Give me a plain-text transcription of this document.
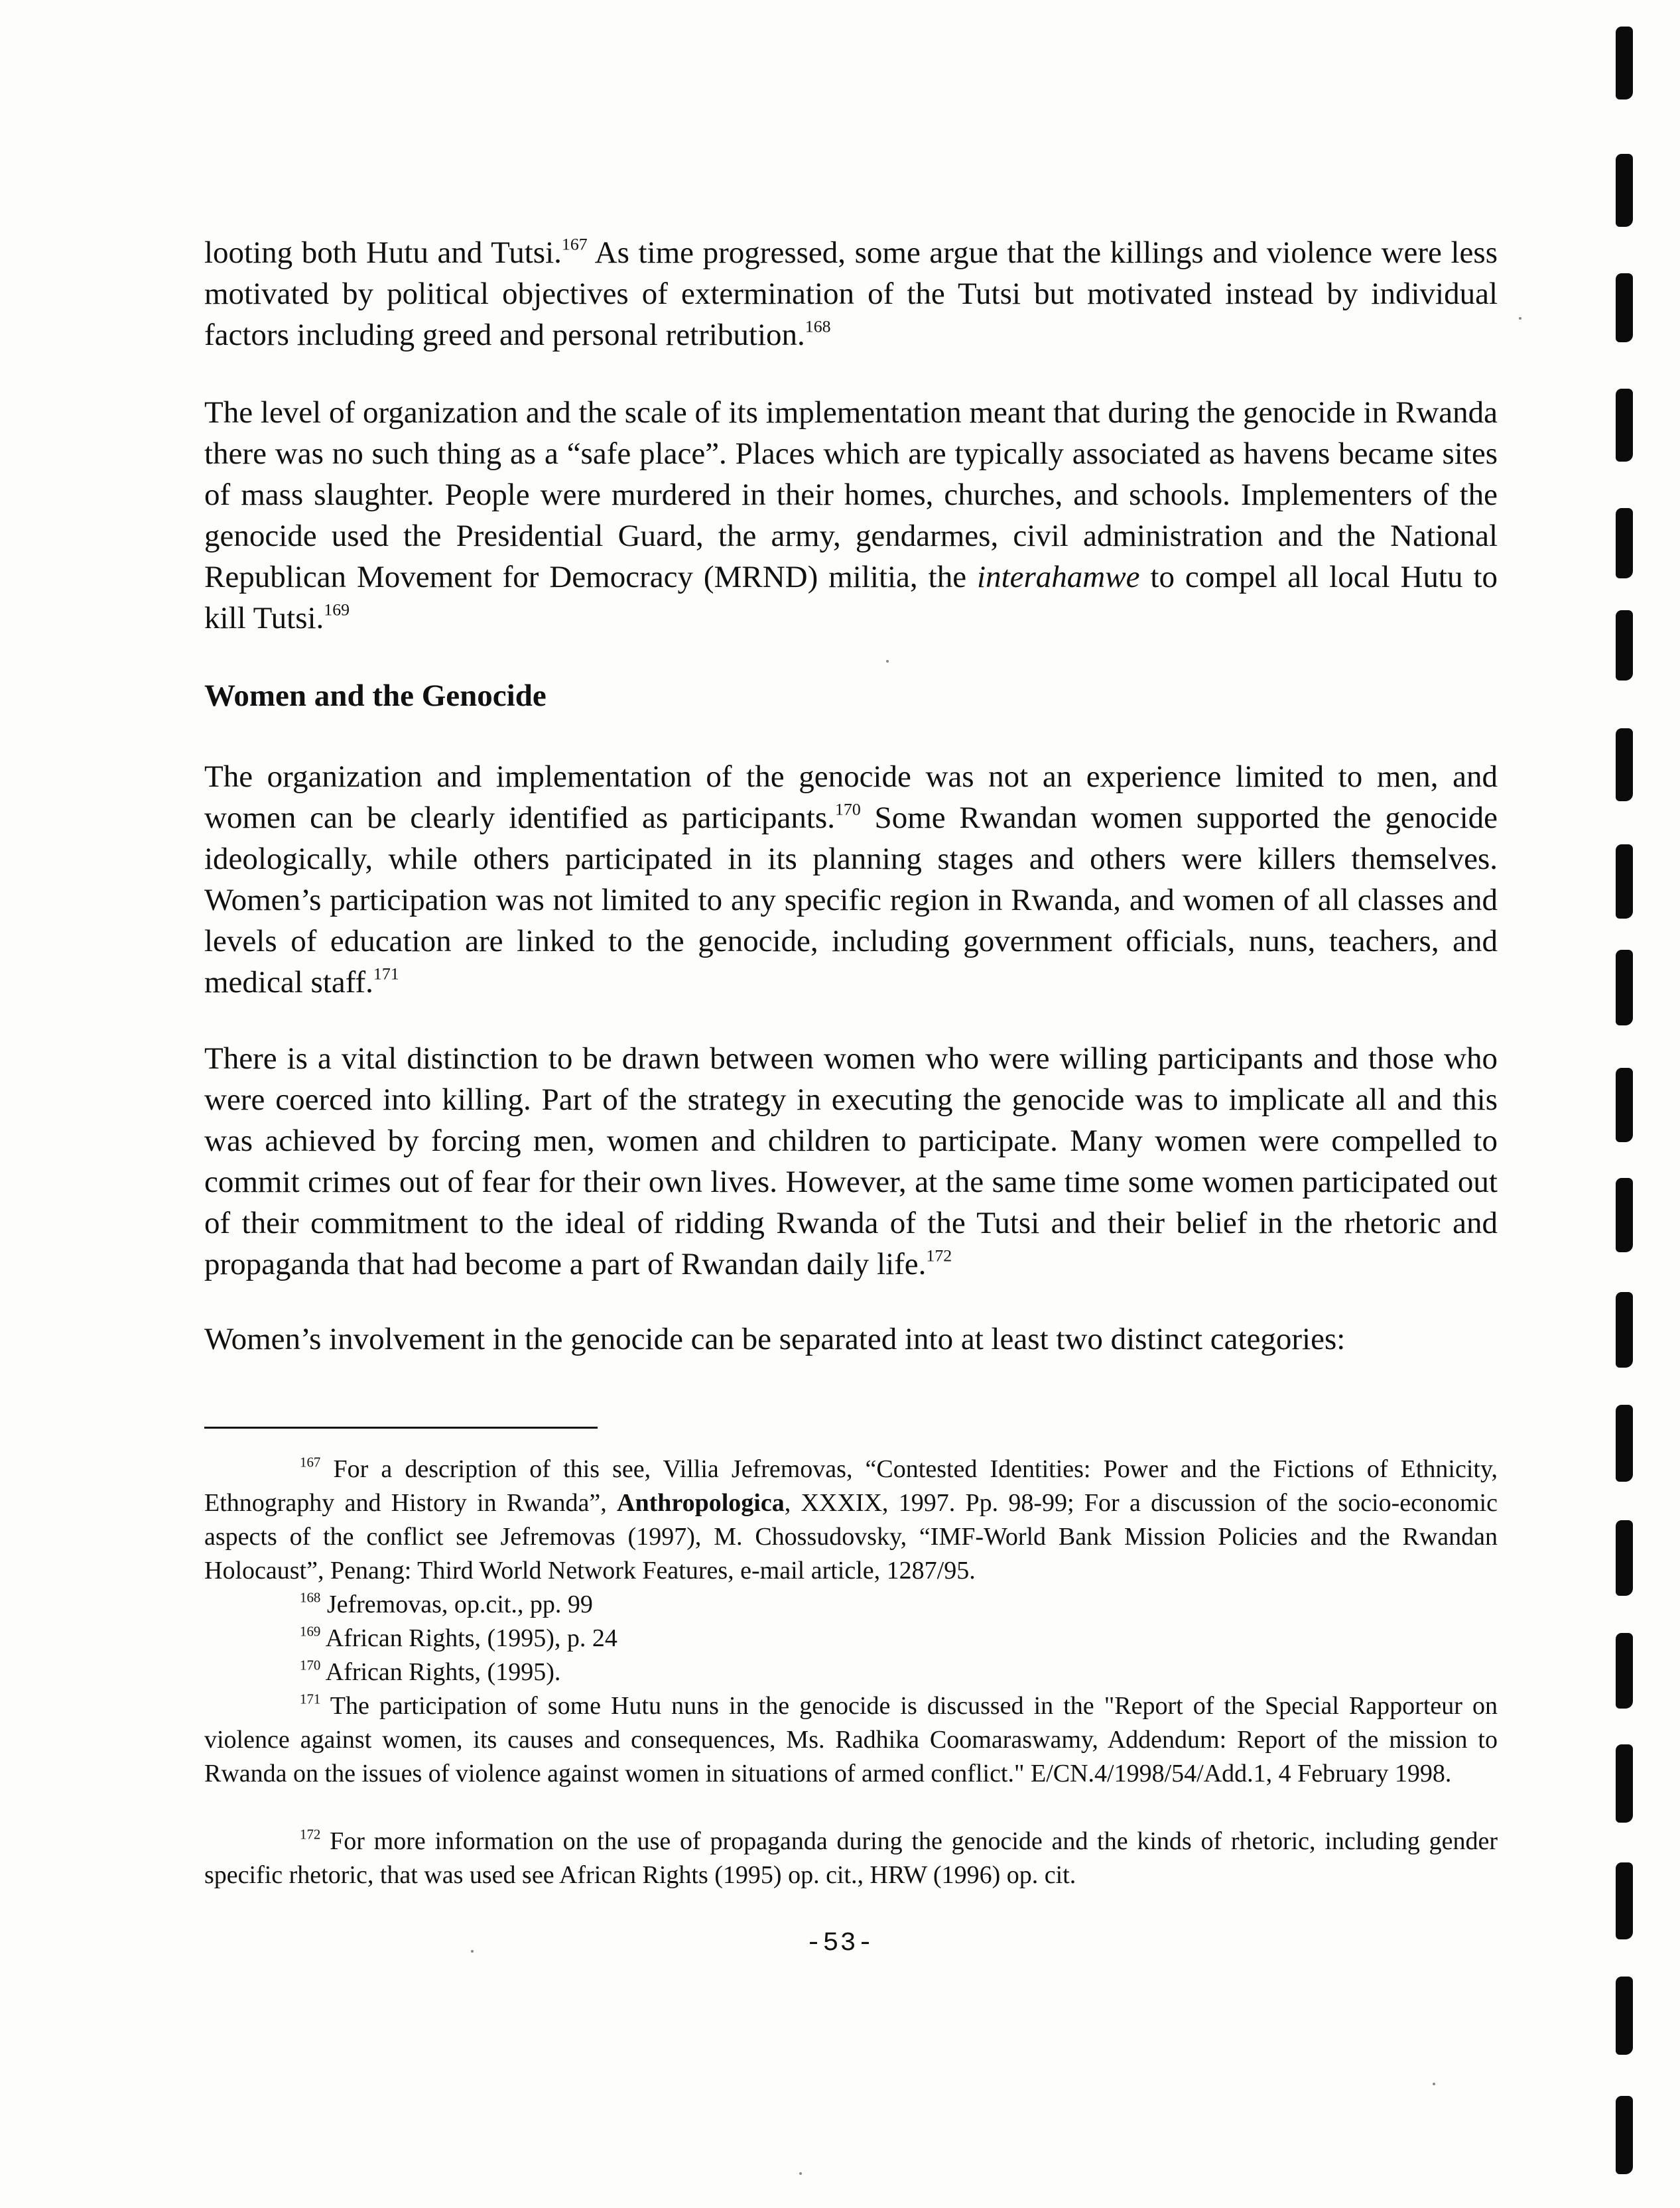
looting both Hutu and Tutsi.$^{167}$ As time progressed, some argue that the killings and violence were less motivated by political objectives of extermination of the Tutsi but motivated instead by individual factors including greed and personal retribution.$^{168}$

The level of organization and the scale of its implementation meant that during the genocide in Rwanda there was no such thing as a “safe place”. Places which are typically associated as havens became sites of mass slaughter. People were murdered in their homes, churches, and schools. Implementers of the genocide used the Presidential Guard, the army, gendarmes, civil administration and the National Republican Movement for Democracy (MRND) militia, the interahamwe to compel all local Hutu to kill Tutsi.$^{169}$

Women and the Genocide

The organization and implementation of the genocide was not an experience limited to men, and women can be clearly identified as participants.$^{170}$ Some Rwandan women supported the genocide ideologically, while others participated in its planning stages and others were killers themselves. Women’s participation was not limited to any specific region in Rwanda, and women of all classes and levels of education are linked to the genocide, including government officials, nuns, teachers, and medical staff.$^{171}$

There is a vital distinction to be drawn between women who were willing participants and those who were coerced into killing. Part of the strategy in executing the genocide was to implicate all and this was achieved by forcing men, women and children to participate. Many women were compelled to commit crimes out of fear for their own lives. However, at the same time some women participated out of their commitment to the ideal of ridding Rwanda of the Tutsi and their belief in the rhetoric and propaganda that had become a part of Rwandan daily life.$^{172}$

Women’s involvement in the genocide can be separated into at least two distinct categories:

$^{167}$ For a description of this see, Villia Jefremovas, “Contested Identities: Power and the Fictions of Ethnicity, Ethnography and History in Rwanda”, Anthropologica, XXXIX, 1997. Pp. 98-99; For a discussion of the socio-economic aspects of the conflict see Jefremovas (1997), M. Chossudovsky, “IMF-World Bank Mission Policies and the Rwandan Holocaust”, Penang: Third World Network Features, e-mail article, 1287/95.

$^{168}$ Jefremovas, op.cit., pp. 99

$^{169}$ African Rights, (1995), p. 24

$^{170}$ African Rights, (1995).

$^{171}$ The participation of some Hutu nuns in the genocide is discussed in the "Report of the Special Rapporteur on violence against women, its causes and consequences, Ms. Radhika Coomaraswamy, Addendum: Report of the mission to Rwanda on the issues of violence against women in situations of armed conflict." E/CN.4/1998/54/Add.1, 4 February 1998.

$^{172}$ For more information on the use of propaganda during the genocide and the kinds of rhetoric, including gender specific rhetoric, that was used see African Rights (1995) op. cit., HRW (1996) op. cit.

-53-
